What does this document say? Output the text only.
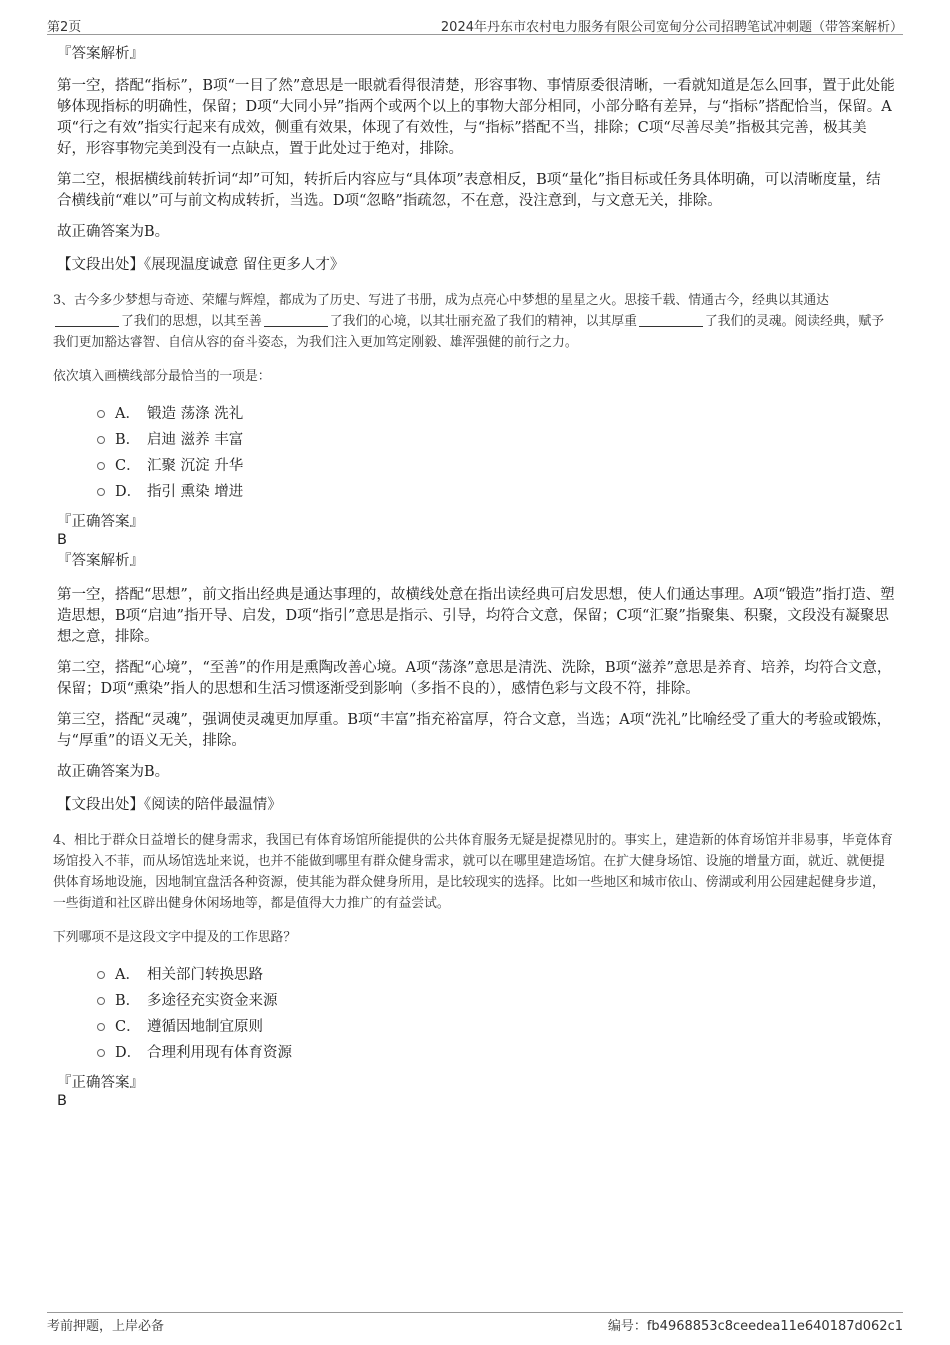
第2页	2024年丹东市农村电力服务有限公司宽甸分公司招聘笔试冲刺题（带答案解析）

『答案解析』

第一空，搭配“指标”，B项“一目了然”意思是一眼就看得很清楚，形容事物、事情原委很清晰，一看就知道是怎么回事，置于此处能够体现指标的明确性，保留；D项“大同小异”指两个或两个以上的事物大部分相同，小部分略有差异，与“指标”搭配恰当，保留。A项“行之有效”指实行起来有成效，侧重有效果，体现了有效性，与“指标”搭配不当，排除；C项“尽善尽美”指极其完善，极其美好，形容事物完美到没有一点缺点，置于此处过于绝对，排除。

第二空，根据横线前转折词“却”可知，转折后内容应与“具体项”表意相反，B项“量化”指目标或任务具体明确，可以清晰度量，结合横线前“难以”可与前文构成转折，当选。D项“忽略”指疏忽，不在意，没注意到，与文意无关，排除。

故正确答案为B。

【文段出处】《展现温度诚意 留住更多人才》

3、古今多少梦想与奇迹、荣耀与辉煌，都成为了历史、写进了书册，成为点亮心中梦想的星星之火。思接千载、情通古今，经典以其通达了我们的思想，以其至善	了我们的心境，以其壮丽充盈了我们的精神，以其厚重	了我们的灵魂。阅读经典，赋予我们更加豁达睿智、自信从容的奋斗姿态，为我们注入更加笃定刚毅、雄浑强健的前行之力。

依次填入画横线部分最恰当的一项是：

A． 锻造 荡涤 洗礼
B． 启迪 滋养 丰富
C． 汇聚 沉淀 升华
D． 指引 熏染 增进

『正确答案』

B

『答案解析』

第一空，搭配“思想”，前文指出经典是通达事理的，故横线处意在指出读经典可启发思想，使人们通达事理。A项“锻造”指打造、塑造思想，B项“启迪”指开导、启发，D项“指引”意思是指示、引导，均符合文意，保留；C项“汇聚”指聚集、积聚，文段没有凝聚思想之意，排除。

第二空，搭配“心境”，“至善”的作用是熏陶改善心境。A项“荡涤”意思是清洗、洗除，B项“滋养”意思是养育、培养，均符合文意，保留；D项“熏染”指人的思想和生活习惯逐渐受到影响（多指不良的），感情色彩与文段不符，排除。

第三空，搭配“灵魂”，强调使灵魂更加厚重。B项“丰富”指充裕富厚，符合文意，当选；A项“洗礼”比喻经受了重大的考验或锻炼，与“厚重”的语义无关，排除。

故正确答案为B。

【文段出处】《阅读的陪伴最温情》

4、相比于群众日益增长的健身需求，我国已有体育场馆所能提供的公共体育服务无疑是捉襟见肘的。事实上，建造新的体育场馆并非易事，毕竟体育场馆投入不菲，而从场馆选址来说，也并不能做到哪里有群众健身需求，就可以在哪里建造场馆。在扩大健身场馆、设施的增量方面，就近、就便提供体育场地设施，因地制宜盘活各种资源，使其能为群众健身所用，是比较现实的选择。比如一些地区和城市依山、傍湖或利用公园建起健身步道，一些街道和社区辟出健身休闲场地等，都是值得大力推广的有益尝试。

下列哪项不是这段文字中提及的工作思路？

A． 相关部门转换思路
B． 多途径充实资金来源
C． 遵循因地制宜原则
D． 合理利用现有体育资源

『正确答案』

B

考前押题，上岸必备	编号：fb4968853c8ceedea11e640187d062c1
